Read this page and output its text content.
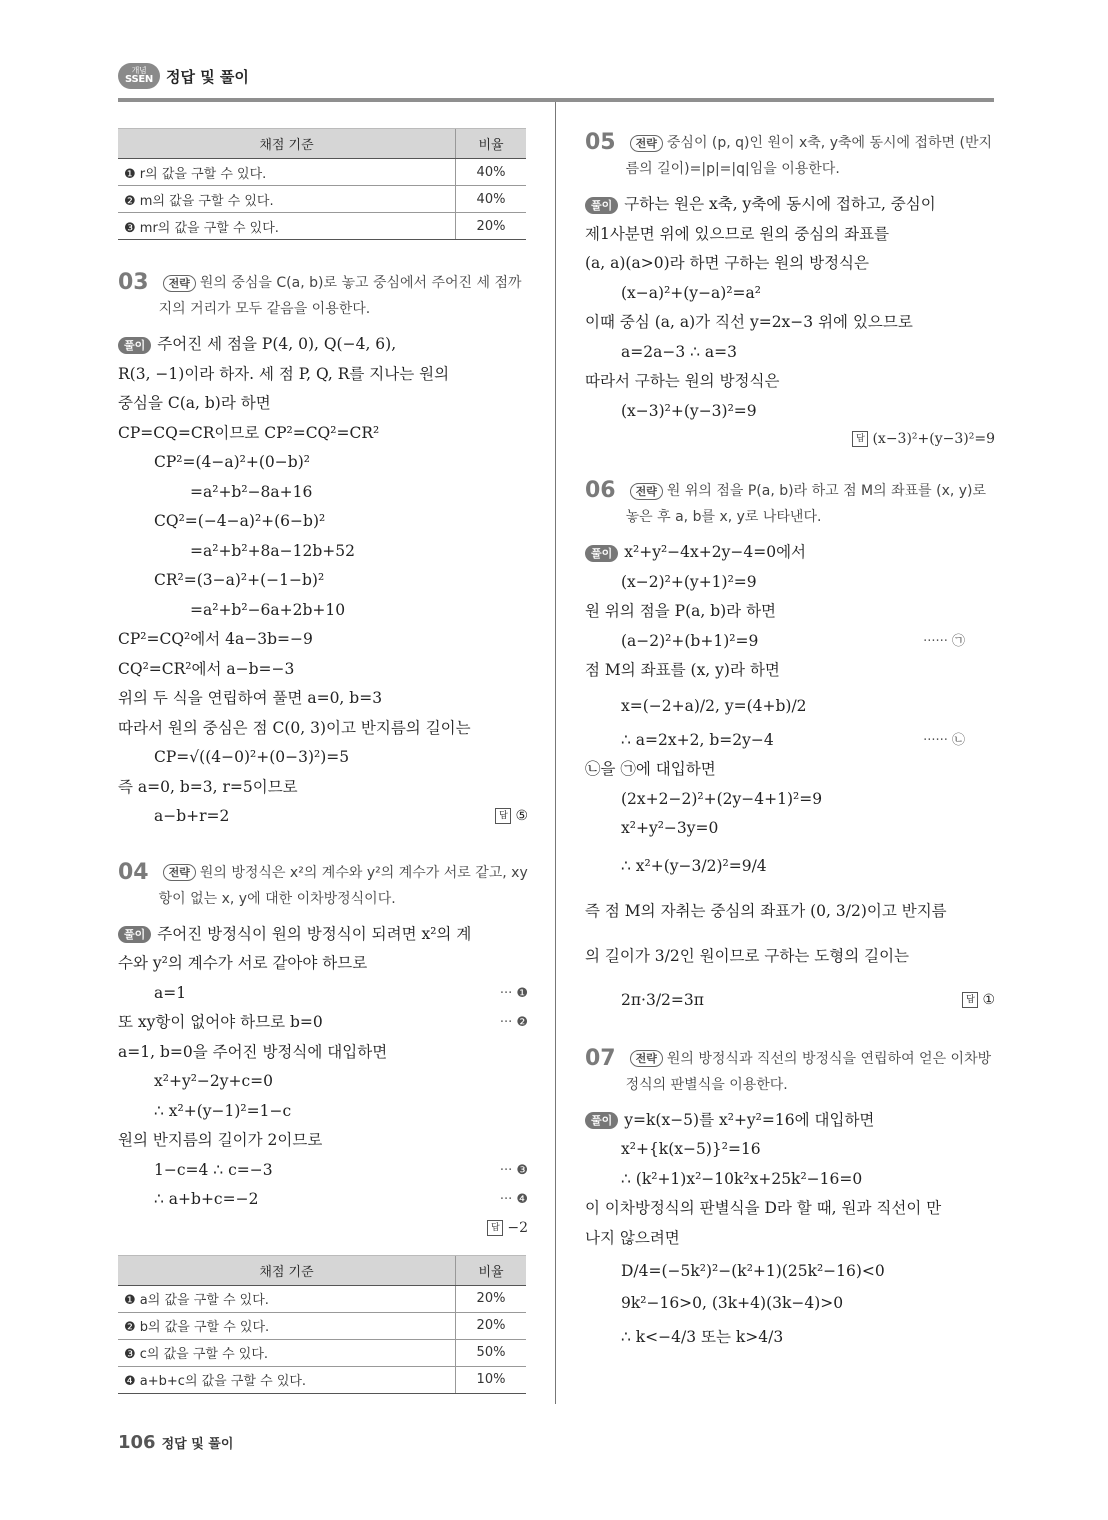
개념
SSEN 정답 및 풀이
채점 기준	비율
❶ r의 값을 구할 수 있다.	40%
❷ m의 값을 구할 수 있다.	40%
❸ mr의 값을 구할 수 있다.	20%
03	전략 원의 중심을 C(a, b)로 놓고 중심에서 주어진 세 점까지의 거리가 모두 같음을 이용한다.
풀이 주어진 세 점을 P(4, 0), Q(−4, 6),
R(3, −1)이라 하자. 세 점 P, Q, R를 지나는 원의
중심을 C(a, b)라 하면
CP=CQ=CR이므로 CP²=CQ²=CR²
CP²=(4−a)²+(0−b)²
=a²+b²−8a+16
CQ²=(−4−a)²+(6−b)²
=a²+b²+8a−12b+52
CR²=(3−a)²+(−1−b)²
=a²+b²−6a+2b+10
CP²=CQ²에서 4a−3b=−9
CQ²=CR²에서 a−b=−3
위의 두 식을 연립하여 풀면 a=0, b=3
따라서 원의 중심은 점 C(0, 3)이고 반지름의 길이는
CP=√((4−0)²+(0−3)²)=5
즉 a=0, b=3, r=5이므로
a−b+r=2	답 ⑤
04	전략 원의 방정식은 x²의 계수와 y²의 계수가 서로 같고, xy항이 없는 x, y에 대한 이차방정식이다.
풀이 주어진 방정식이 원의 방정식이 되려면 x²의 계
수와 y²의 계수가 서로 같아야 하므로
a=1	··· ❶
또 xy항이 없어야 하므로 b=0	··· ❷
a=1, b=0을 주어진 방정식에 대입하면
x²+y²−2y+c=0
∴ x²+(y−1)²=1−c
원의 반지름의 길이가 2이므로
1−c=4 ∴ c=−3	··· ❸
∴ a+b+c=−2	··· ❹
답 −2
채점 기준	비율
❶ a의 값을 구할 수 있다.	20%
❷ b의 값을 구할 수 있다.	20%
❸ c의 값을 구할 수 있다.	50%
❹ a+b+c의 값을 구할 수 있다.	10%
05	전략 중심이 (p, q)인 원이 x축, y축에 동시에 접하면 (반지름의 길이)=|p|=|q|임을 이용한다.
풀이 구하는 원은 x축, y축에 동시에 접하고, 중심이
제1사분면 위에 있으므로 원의 중심의 좌표를
(a, a)(a>0)라 하면 구하는 원의 방정식은
(x−a)²+(y−a)²=a²
이때 중심 (a, a)가 직선 y=2x−3 위에 있으므로
a=2a−3 ∴ a=3
따라서 구하는 원의 방정식은
(x−3)²+(y−3)²=9
답 (x−3)²+(y−3)²=9
06	전략 원 위의 점을 P(a, b)라 하고 점 M의 좌표를 (x, y)로 놓은 후 a, b를 x, y로 나타낸다.
풀이 x²+y²−4x+2y−4=0에서
(x−2)²+(y+1)²=9
원 위의 점을 P(a, b)라 하면
(a−2)²+(b+1)²=9	······ ㉠
점 M의 좌표를 (x, y)라 하면
x=(−2+a)/2, y=(4+b)/2
∴ a=2x+2, b=2y−4	······ ㉡
㉡을 ㉠에 대입하면
(2x+2−2)²+(2y−4+1)²=9
x²+y²−3y=0
∴ x²+(y−3/2)²=9/4
즉 점 M의 자취는 중심의 좌표가 (0, 3/2)이고 반지름
의 길이가 3/2인 원이므로 구하는 도형의 길이는
2π·3/2=3π	답 ①
07	전략 원의 방정식과 직선의 방정식을 연립하여 얻은 이차방정식의 판별식을 이용한다.
풀이 y=k(x−5)를 x²+y²=16에 대입하면
x²+{k(x−5)}²=16
∴ (k²+1)x²−10k²x+25k²−16=0
이 이차방정식의 판별식을 D라 할 때, 원과 직선이 만
나지 않으려면
D/4=(−5k²)²−(k²+1)(25k²−16)<0
9k²−16>0, (3k+4)(3k−4)>0
∴ k<−4/3 또는 k>4/3
106 정답 및 풀이
